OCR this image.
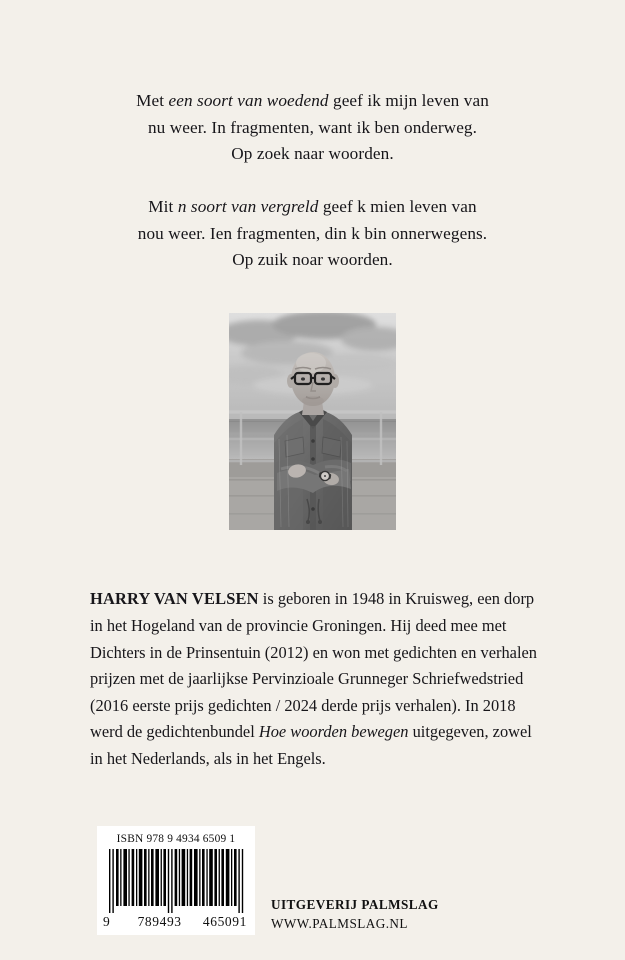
Met een soort van woedend geef ik mijn leven van
nu weer. In fragmenten, want ik ben onderweg.
Op zoek naar woorden.
Mit n soort van vergreld geef k mien leven van
nou weer. Ien fragmenten, din k bin onnerwegens.
Op zuik noar woorden.

HARRY VAN VELSEN is geboren in 1948 in Kruisweg, een dorp in het Hogeland van de provincie Groningen. Hij deed mee met Dichters in de Prinsentuin (2012) en won met gedichten en verhalen prijzen met de jaarlijkse Pervinzioale Grunneger Schriefwedstried (2016 eerste prijs gedichten / 2024 derde prijs verhalen). In 2018 werd de gedichtenbundel Hoe woorden bewegen uitgegeven, zowel in het Nederlands, als in het Engels.

ISBN 978 9 4934 6509 1
9 789493 465091
UITGEVERIJ PALMSLAG
WWW.PALMSLAG.NL
